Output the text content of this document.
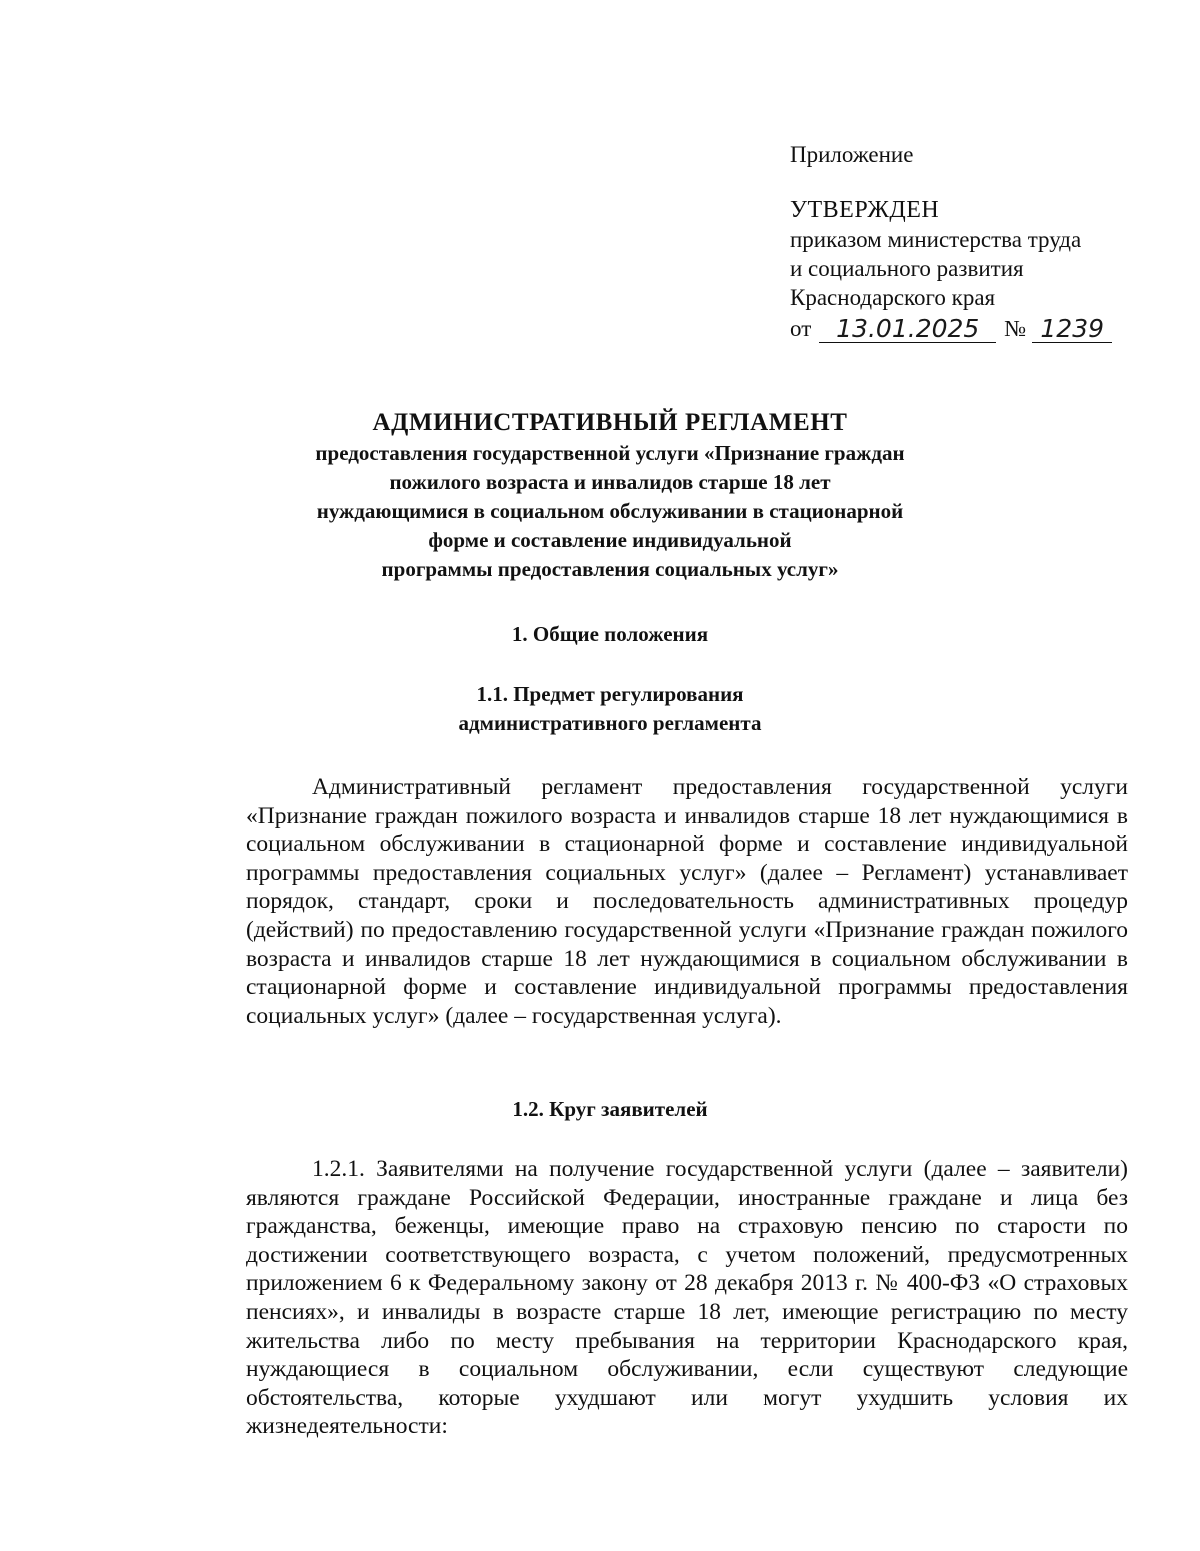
Приложение
УТВЕРЖДЕН
приказом министерства труда
и социального развития
Краснодарского края
от 13.01.2025	№ 1239
АДМИНИСТРАТИВНЫЙ РЕГЛАМЕНТ
предоставления государственной услуги «Признание граждан
пожилого возраста и инвалидов старше 18 лет
нуждающимися в социальном обслуживании в стационарной
форме и составление индивидуальной
программы предоставления социальных услуг»
1. Общие положения
1.1. Предмет регулирования
административного регламента
Административный регламент предоставления государственной услуги «Признание граждан пожилого возраста и инвалидов старше 18 лет нуждающимися в социальном обслуживании в стационарной форме и составление индивидуальной программы предоставления социальных услуг» (далее – Регламент) устанавливает порядок, стандарт, сроки и последовательность административных процедур (действий) по предоставлению государственной услуги «Признание граждан пожилого возраста и инвалидов старше 18 лет нуждающимися в социальном обслуживании в стационарной форме и составление индивидуальной программы предоставления социальных услуг» (далее – государственная услуга).
1.2. Круг заявителей
1.2.1. Заявителями на получение государственной услуги (далее – заявители) являются граждане Российской Федерации, иностранные граждане и лица без гражданства, беженцы, имеющие право на страховую пенсию по старости по достижении соответствующего возраста, с учетом положений, предусмотренных приложением 6 к Федеральному закону от 28 декабря 2013 г. № 400-ФЗ «О страховых пенсиях», и инвалиды в возрасте старше 18 лет, имеющие регистрацию по месту жительства либо по месту пребывания на территории Краснодарского края, нуждающиеся в социальном обслуживании, если существуют следующие обстоятельства, которые ухудшают или могут ухудшить условия их жизнедеятельности:
